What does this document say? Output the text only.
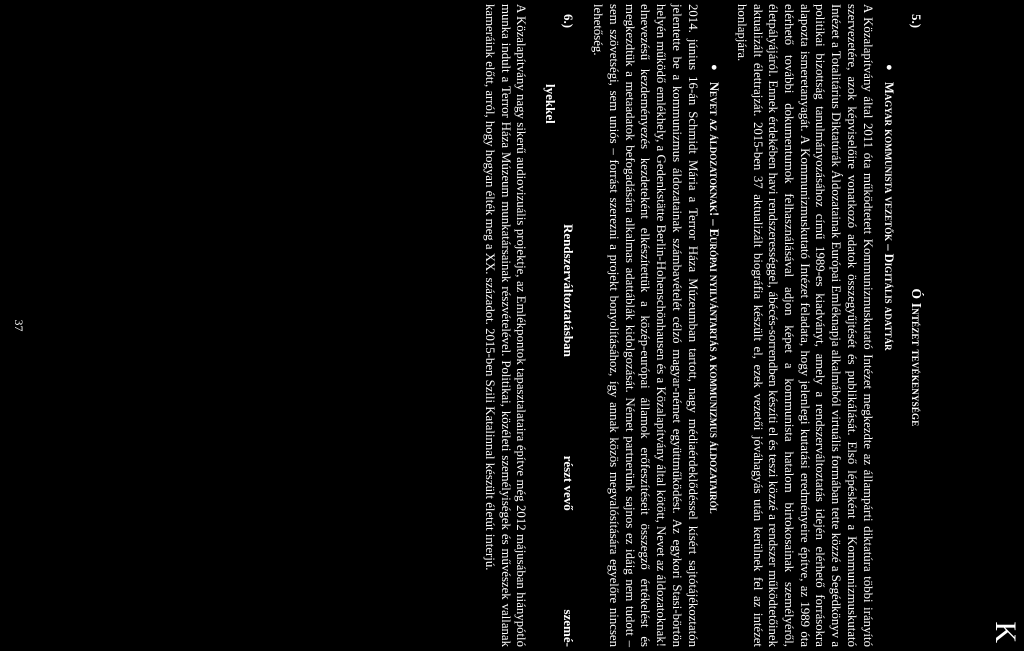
K
5.)
Ó Intézet tevékenysége
●
Magyar kommunista vezetők – Digitális adattár

A Közalapítvány által 2011 óta működtetett Kommunizmuskutató Intézet megkezdte az állampárti diktatúra többi irányító szervezetére, azok képviselőire vonatkozó adatok összegyűjtését és publikálását. Első lépésként a Kommunizmuskutató Intézet a Totalitárius Diktatúrák Áldozatainak Európai Emléknapja alkalmából virtuális formában tette közzé a Segédkönyv a politikai bizottság tanulmányozásához című 1989-es kiadványt, amely a rendszerváltoztatás idején elérhető forrásokra alapozta ismeretanyagát. A Kommunizmuskutató Intézet feladata, hogy jelenlegi kutatási eredményeire építve, az 1989 óta elérhető további dokumentumok felhasználásával adjon képet a kommunista hatalom birtokosainak személyéről, életpályájáról. Ennek érdekében havi rendszerességgel, ábécés-sorrendben készíti el és teszi közzé a rendszer működtetőinek aktualizált élettrajzát. 2015-ben 37 aktualizált biográfia készült el, ezek vezetői jóváhagyás után kerülnek fel az intézet honlapjára.

●
Nevet az áldozatoknak! – Európai nyilvántartás a kommunizmus áldozatairól

2014. június 16-án Schmidt Mária a Terror Háza Múzeumban tartott, nagy médiaérdeklődéssel kísért sajtótájékoztatón jelentette be a kommunizmus áldozatainak számbavételét célzó magyar-német együttműködést. Az egykori Stasi-börtön helyén működő emlékhely, a Gedenkstätte Berlin-Hohenschönhausen és a Közalapítvány által kötött, Nevet az áldozatoknak! elnevezésű kezdeményezés kezdeteként elkészítettük a közép-európai államok erőfeszítéseit összegző értékelést és megkezdtük a metaadatok befogadására alkalmas adattáblák kidolgozását. Német partnerünk sajnos ez idáig nem tudott – sem szövetségi, sem uniós – forrást szerezni a projekt bonyolításához, így annak közös megvalósítására egyelőre nincsen lehetőség.

6.)
Rendszerváltoztatásban
részt vevő
szemé-
lyekkel

A Közalapítvány nagy sikerű audiovizuális projektje, az Emlékpontok tapasztalataira építve még 2012 májusában hiánypótló munka indult a Terror Háza Múzeum munkatársainak részvételével. Politikai, közéleti személyiségek és művészek vallanak kameráink előtt, arról, hogy hogyan élték meg a XX. századot. 2015-ben Szili Katalinnal készült életút interjú.

37
